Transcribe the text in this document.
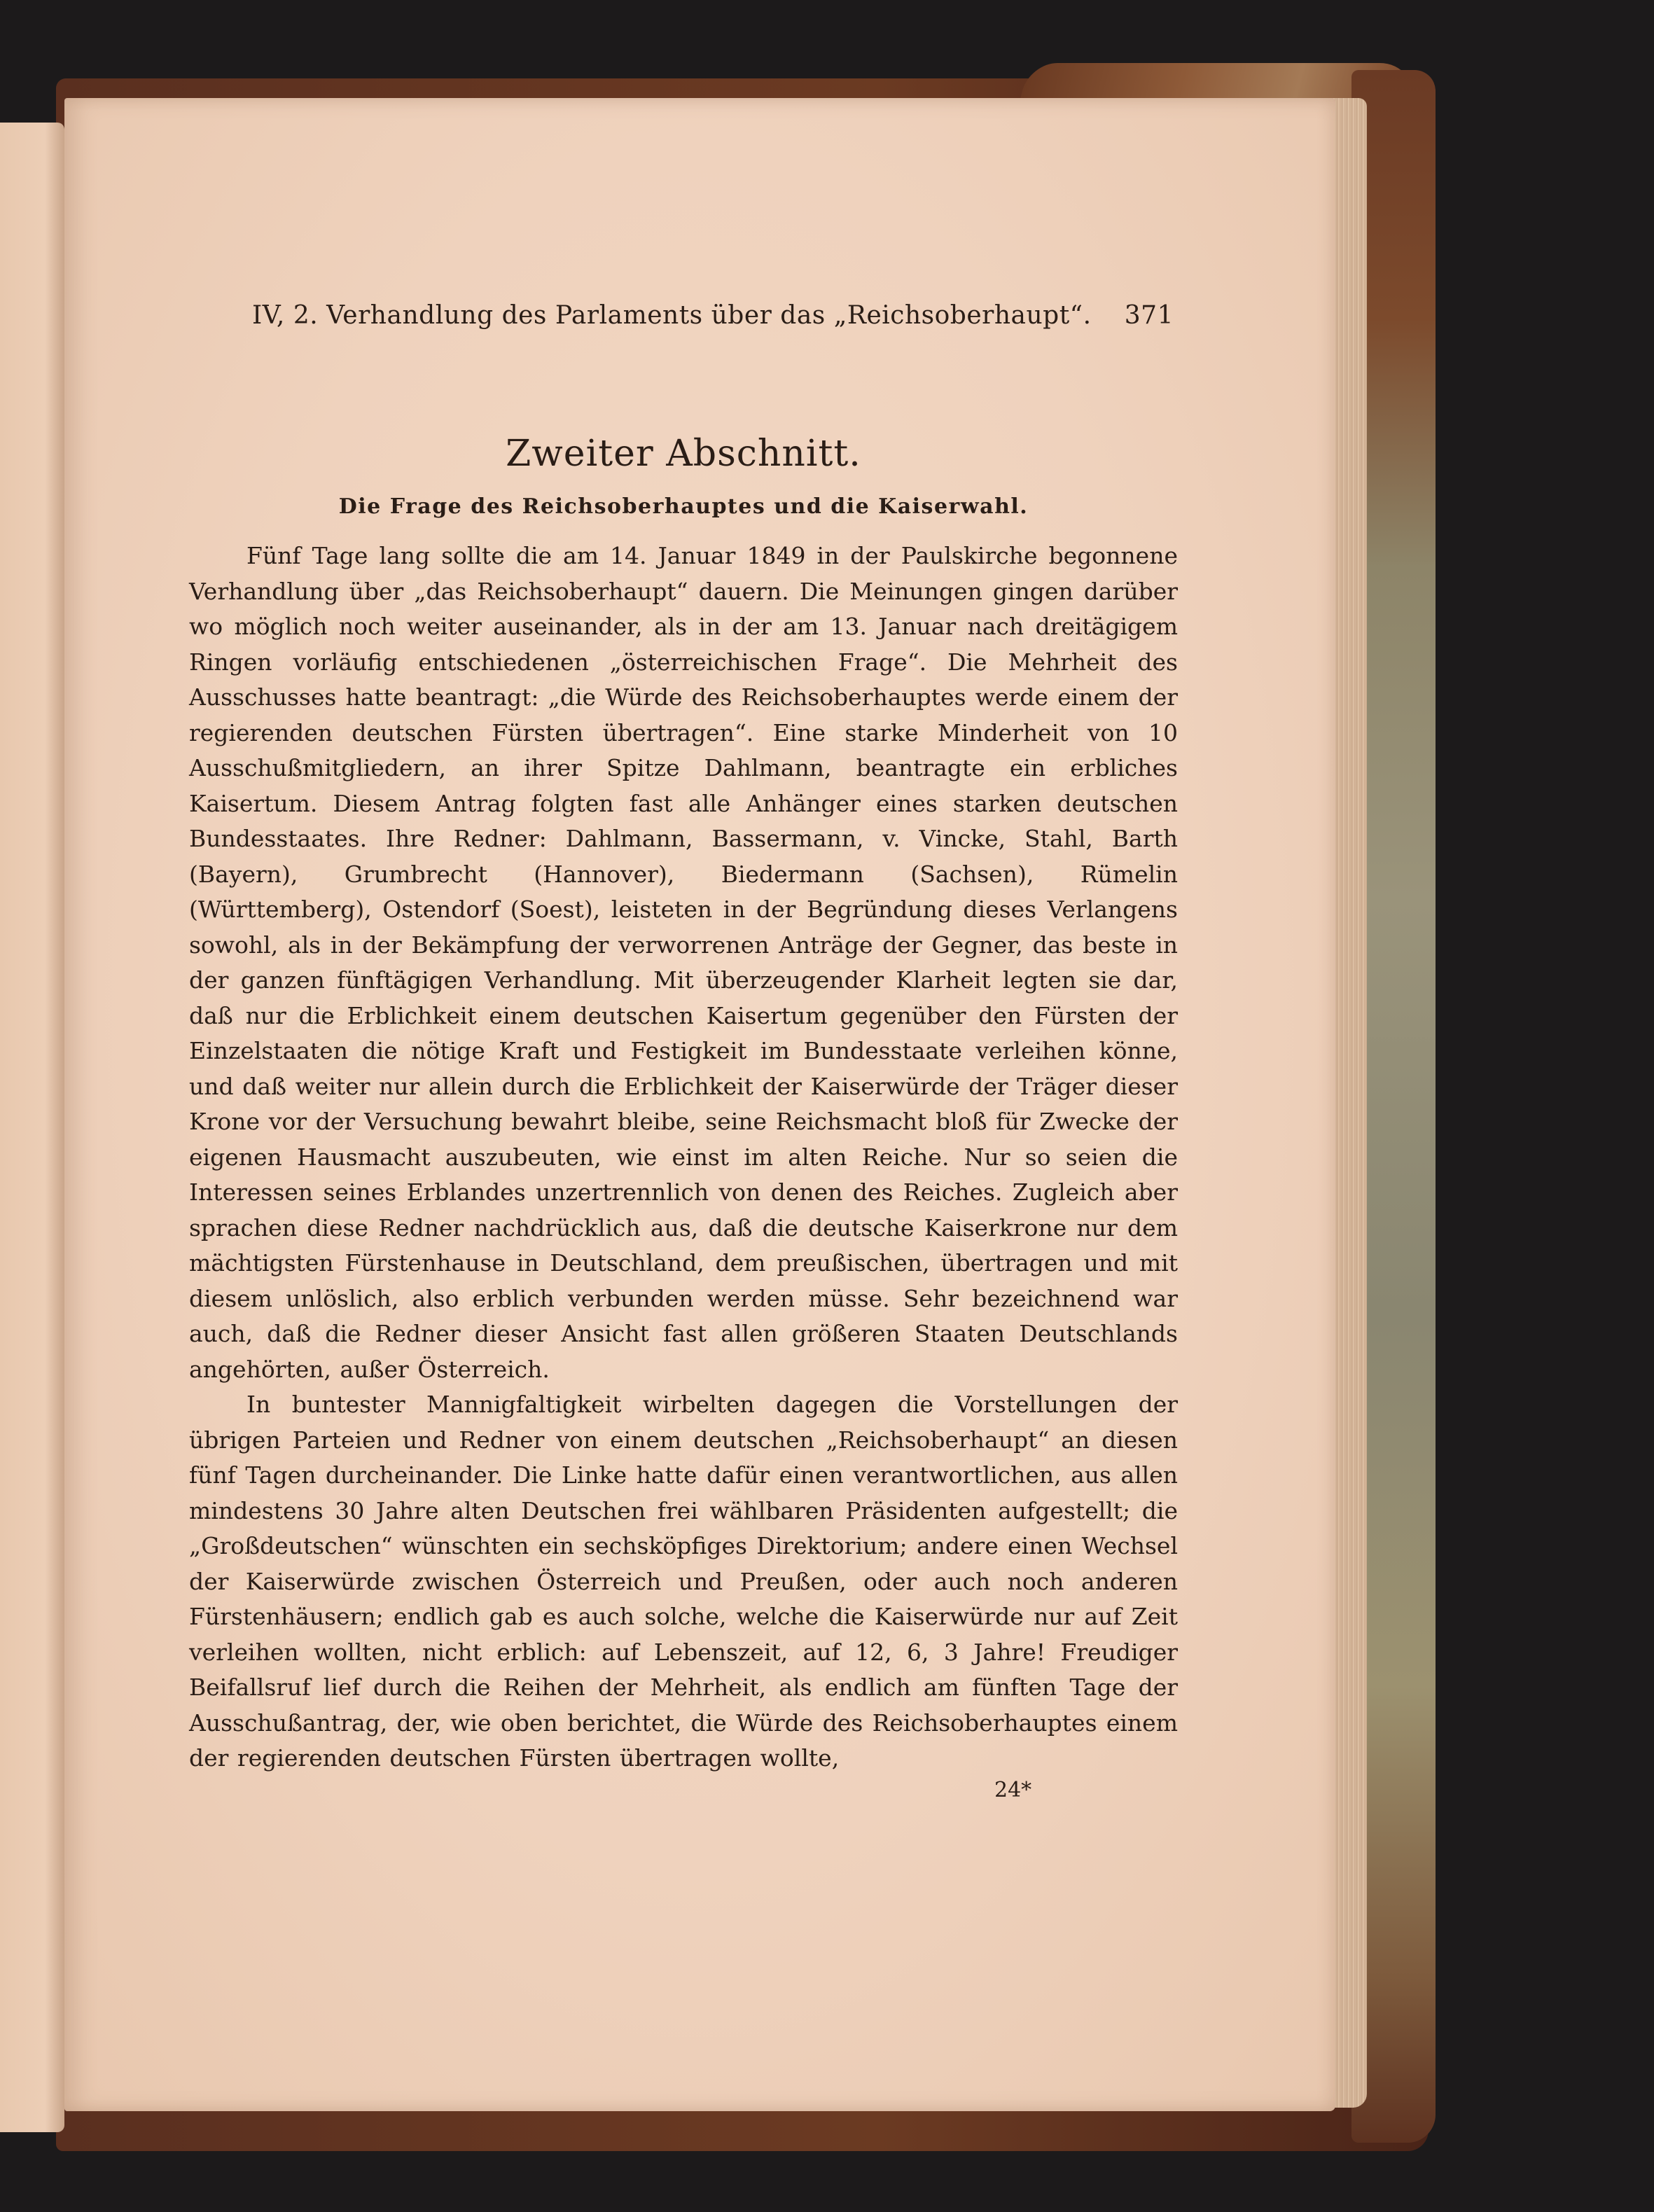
IV, 2. Verhandlung des Parlaments über das „Reichsoberhaupt“. 371
Zweiter Abschnitt.
Die Frage des Reichsoberhauptes und die Kaiserwahl.

Fünf Tage lang sollte die am 14. Januar 1849 in der Paulskirche begonnene Verhandlung über „das Reichsoberhaupt“ dauern. Die Meinungen gingen darüber wo möglich noch weiter auseinander, als in der am 13. Januar nach dreitägigem Ringen vorläufig entschiedenen „österreichischen Frage“. Die Mehrheit des Ausschusses hatte beantragt: „die Würde des Reichsoberhauptes werde einem der regierenden deutschen Fürsten übertragen“. Eine starke Minderheit von 10 Ausschußmitgliedern, an ihrer Spitze Dahlmann, beantragte ein erbliches Kaisertum. Diesem Antrag folgten fast alle Anhänger eines starken deutschen Bundesstaates. Ihre Redner: Dahlmann, Bassermann, v. Vincke, Stahl, Barth (Bayern), Grumbrecht (Hannover), Biedermann (Sachsen), Rümelin (Württemberg), Ostendorf (Soest), leisteten in der Begründung dieses Verlangens sowohl, als in der Bekämpfung der verworrenen Anträge der Gegner, das beste in der ganzen fünftägigen Verhandlung. Mit überzeugender Klarheit legten sie dar, daß nur die Erblichkeit einem deutschen Kaisertum gegenüber den Fürsten der Einzelstaaten die nötige Kraft und Festigkeit im Bundesstaate verleihen könne, und daß weiter nur allein durch die Erblichkeit der Kaiserwürde der Träger dieser Krone vor der Versuchung bewahrt bleibe, seine Reichsmacht bloß für Zwecke der eigenen Hausmacht auszubeuten, wie einst im alten Reiche. Nur so seien die Interessen seines Erblandes unzertrennlich von denen des Reiches. Zugleich aber sprachen diese Redner nachdrücklich aus, daß die deutsche Kaiserkrone nur dem mächtigsten Fürstenhause in Deutschland, dem preußischen, übertragen und mit diesem unlöslich, also erblich verbunden werden müsse. Sehr bezeichnend war auch, daß die Redner dieser Ansicht fast allen größeren Staaten Deutschlands angehörten, außer Österreich.

In buntester Mannigfaltigkeit wirbelten dagegen die Vorstellungen der übrigen Parteien und Redner von einem deutschen „Reichsoberhaupt“ an diesen fünf Tagen durcheinander. Die Linke hatte dafür einen verantwortlichen, aus allen mindestens 30 Jahre alten Deutschen frei wählbaren Präsidenten aufgestellt; die „Großdeutschen“ wünschten ein sechsköpfiges Direktorium; andere einen Wechsel der Kaiserwürde zwischen Österreich und Preußen, oder auch noch anderen Fürstenhäusern; endlich gab es auch solche, welche die Kaiserwürde nur auf Zeit verleihen wollten, nicht erblich: auf Lebenszeit, auf 12, 6, 3 Jahre! Freudiger Beifallsruf lief durch die Reihen der Mehrheit, als endlich am fünften Tage der Ausschußantrag, der, wie oben berichtet, die Würde des Reichsoberhauptes einem der regierenden deutschen Fürsten übertragen wollte,

24*
